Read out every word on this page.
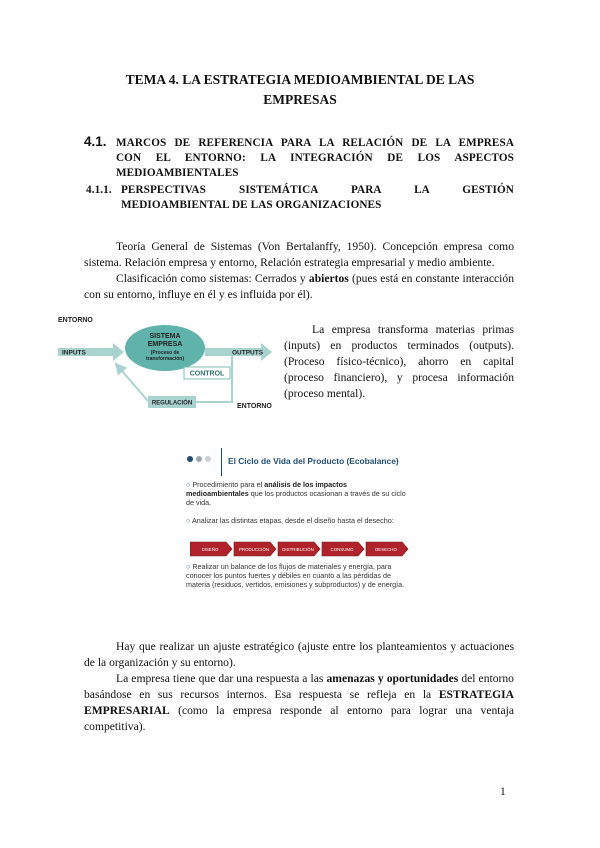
TEMA 4. LA ESTRATEGIA MEDIOAMBIENTAL DE LAS
EMPRESAS
4.1. MARCOS DE REFERENCIA PARA LA RELACIÓN DE LA EMPRESA
CON EL ENTORNO: LA INTEGRACIÓN DE LOS ASPECTOS
MEDIOAMBIENTALES
4.1.1. PERSPECTIVAS SISTEMÁTICA PARA LA GESTIÓN
MEDIOAMBIENTAL DE LAS ORGANIZACIONES
Teoría General de Sistemas (Von Bertalanffy, 1950). Concepción empresa como sistema. Relación empresa y entorno, Relación estrategia empresarial y medio ambiente.
Clasificación como sistemas: Cerrados y abiertos (pues está en constante interacción con su entorno, influye en él y es influida por él).
ENTORNO
INPUTS
SISTEMA
EMPRESA
(Proceso de
transformación)
OUTPUTS
CONTROL
REGULACIÓN	ENTORNO
La empresa transforma materias primas (inputs) en productos terminados (outputs). (Proceso físico-técnico), ahorro en capital (proceso financiero), y procesa información (proceso mental).
El Ciclo de Vida del Producto (Ecobalance)
○ Procedimiento para el análisis de los impactos medioambientales que los productos ocasionan a través de su ciclo de vida.
○ Analizar las distintas etapas, desde el diseño hasta el desecho:
DISEÑO	PRODUCCIÓN	DISTRIBUCIÓN	CONSUMO	DESECHO
○ Realizar un balance de los flujos de materiales y energía, para conocer los puntos fuertes y débiles en cuanto a las pérdidas de materia (residuos, vertidos, emisiones y subproductos) y de energía.
Hay que realizar un ajuste estratégico (ajuste entre los planteamientos y actuaciones de la organización y su entorno).
La empresa tiene que dar una respuesta a las amenazas y oportunidades del entorno basándose en sus recursos internos. Esa respuesta se refleja en la ESTRATEGIA EMPRESARIAL (como la empresa responde al entorno para lograr una ventaja competitiva).
1
